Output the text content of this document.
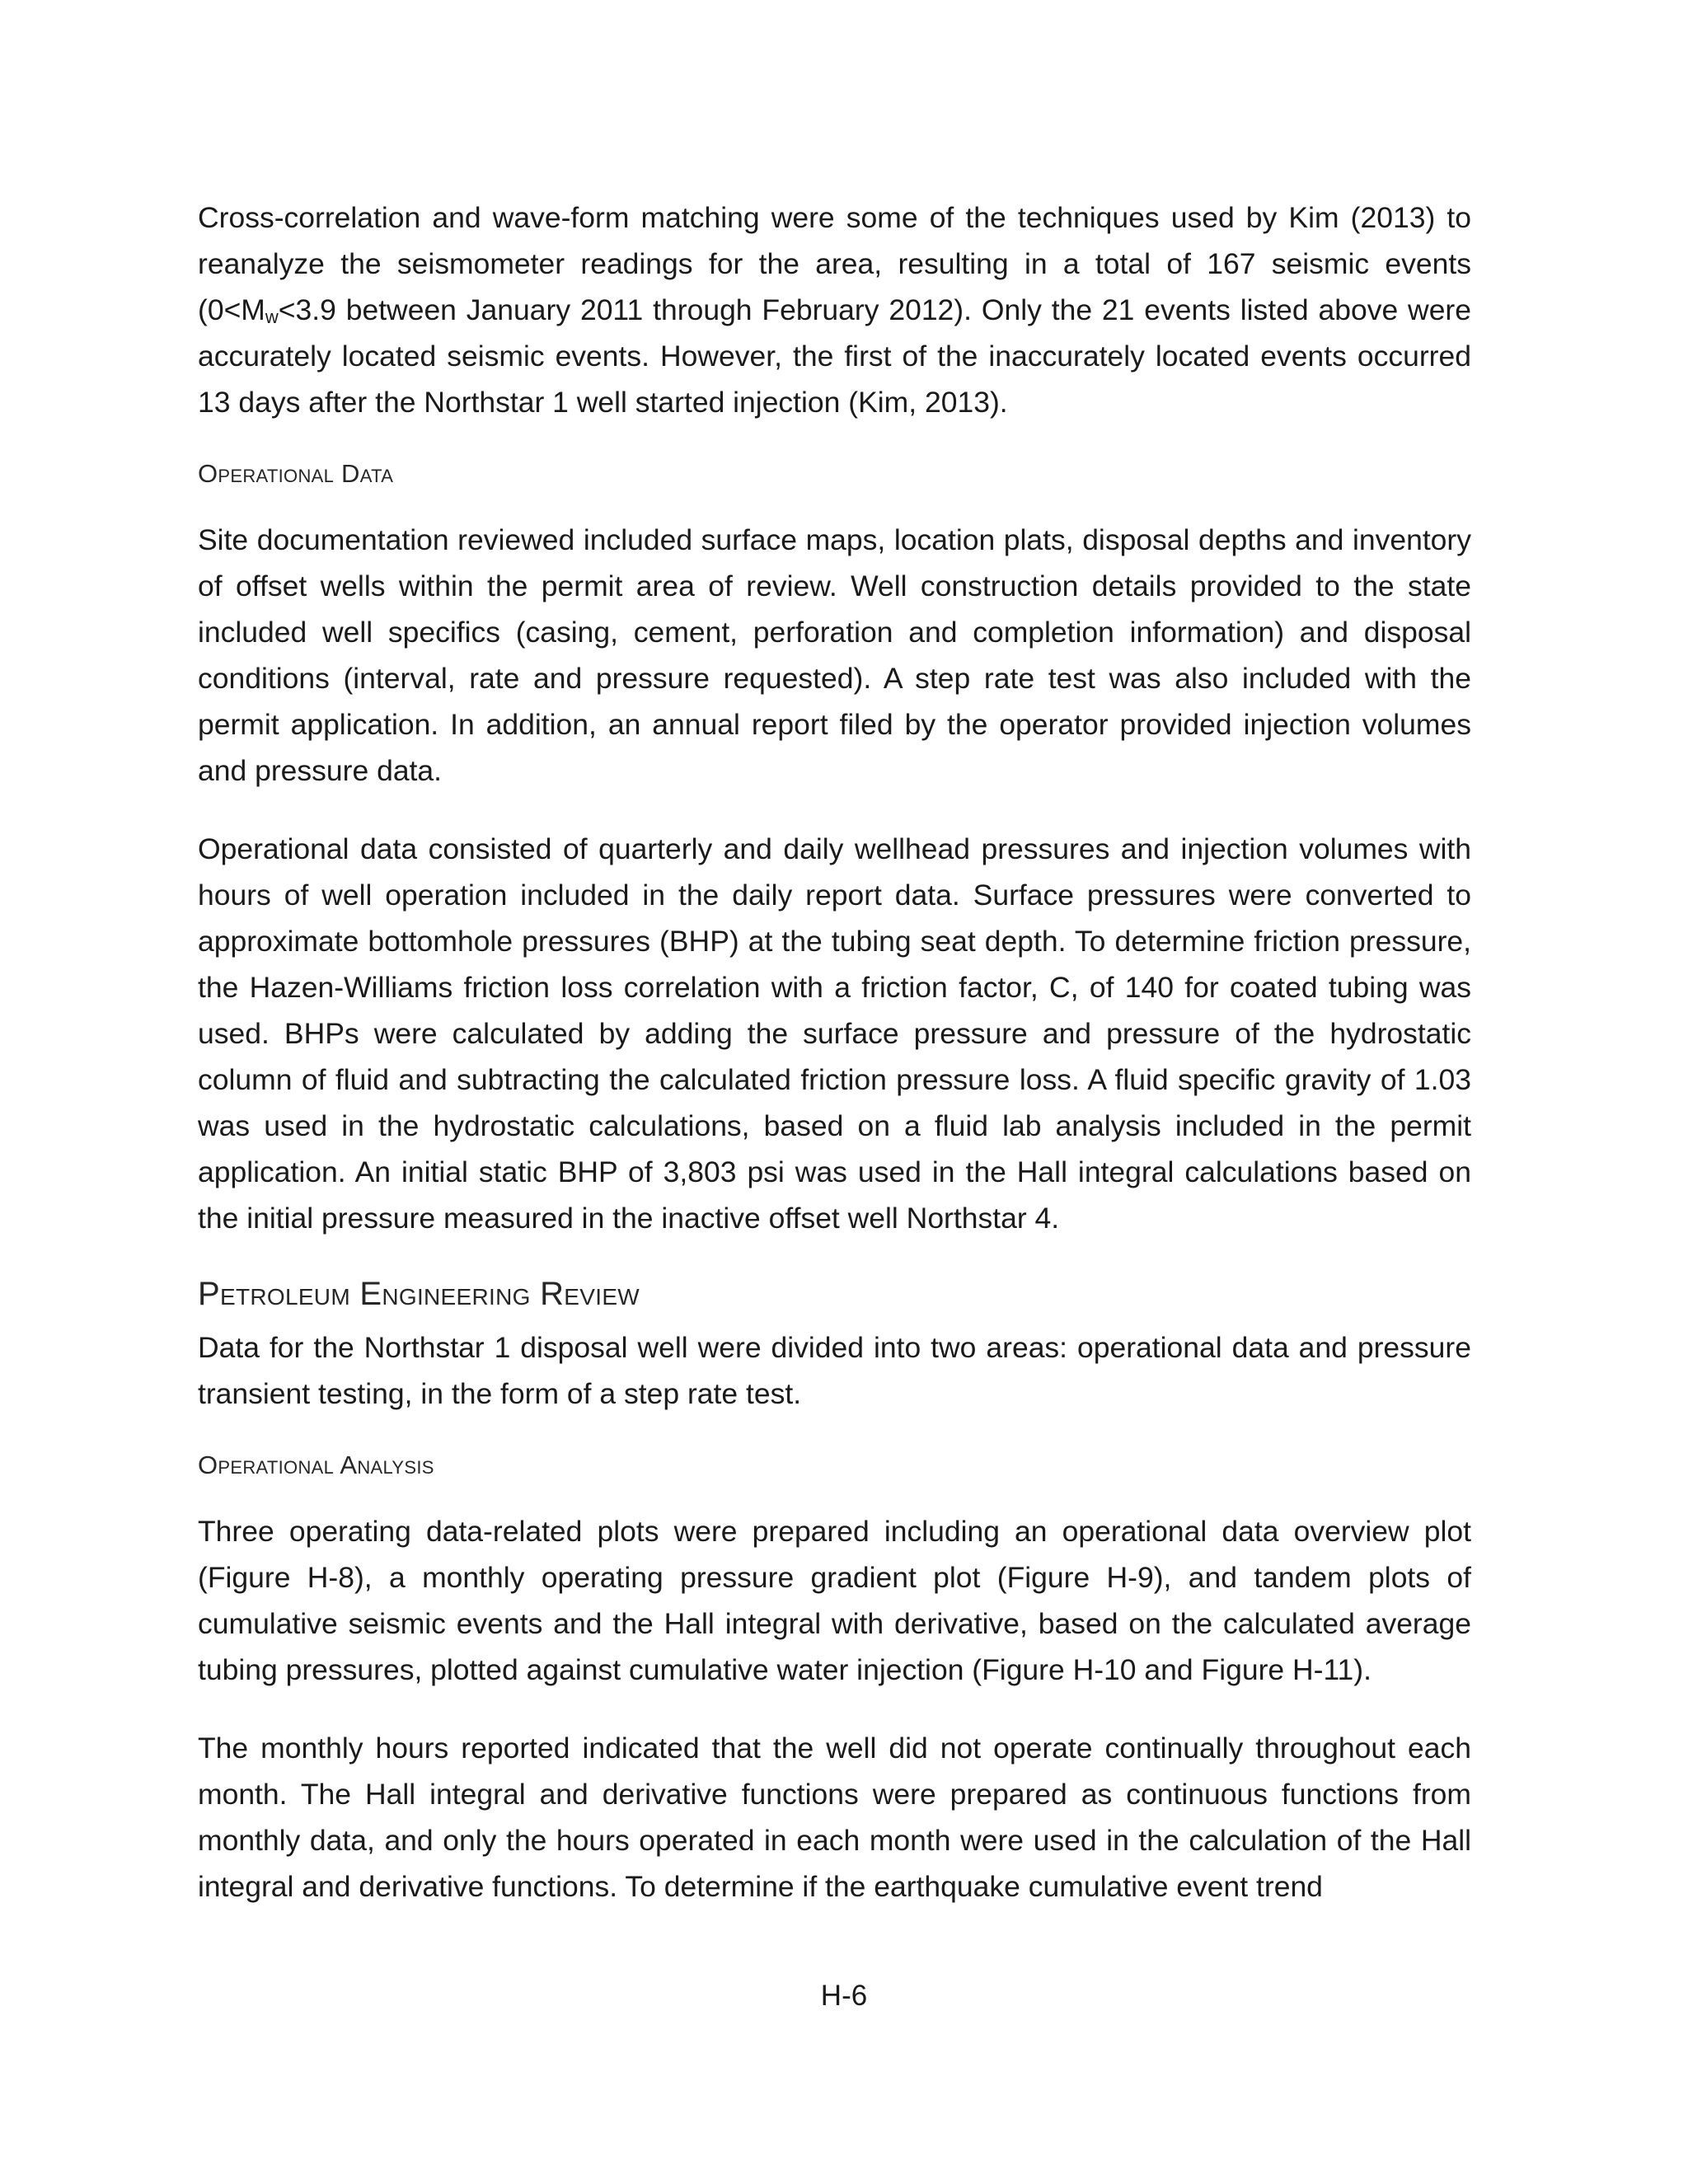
Cross-correlation and wave-form matching were some of the techniques used by Kim (2013) to reanalyze the seismometer readings for the area, resulting in a total of 167 seismic events ($0<M_w<3.9$ between January 2011 through February 2012). Only the 21 events listed above were accurately located seismic events. However, the first of the inaccurately located events occurred 13 days after the Northstar 1 well started injection (Kim, 2013).

Operational Data

Site documentation reviewed included surface maps, location plats, disposal depths and inventory of offset wells within the permit area of review. Well construction details provided to the state included well specifics (casing, cement, perforation and completion information) and disposal conditions (interval, rate and pressure requested). A step rate test was also included with the permit application. In addition, an annual report filed by the operator provided injection volumes and pressure data.

Operational data consisted of quarterly and daily wellhead pressures and injection volumes with hours of well operation included in the daily report data. Surface pressures were converted to approximate bottomhole pressures (BHP) at the tubing seat depth. To determine friction pressure, the Hazen-Williams friction loss correlation with a friction factor, C, of 140 for coated tubing was used. BHPs were calculated by adding the surface pressure and pressure of the hydrostatic column of fluid and subtracting the calculated friction pressure loss. A fluid specific gravity of 1.03 was used in the hydrostatic calculations, based on a fluid lab analysis included in the permit application. An initial static BHP of 3,803 psi was used in the Hall integral calculations based on the initial pressure measured in the inactive offset well Northstar 4.

Petroleum Engineering Review

Data for the Northstar 1 disposal well were divided into two areas: operational data and pressure transient testing, in the form of a step rate test.

Operational Analysis

Three operating data-related plots were prepared including an operational data overview plot (Figure H-8), a monthly operating pressure gradient plot (Figure H-9), and tandem plots of cumulative seismic events and the Hall integral with derivative, based on the calculated average tubing pressures, plotted against cumulative water injection (Figure H-10 and Figure H-11).

The monthly hours reported indicated that the well did not operate continually throughout each month. The Hall integral and derivative functions were prepared as continuous functions from monthly data, and only the hours operated in each month were used in the calculation of the Hall integral and derivative functions. To determine if the earthquake cumulative event trend

H-6
